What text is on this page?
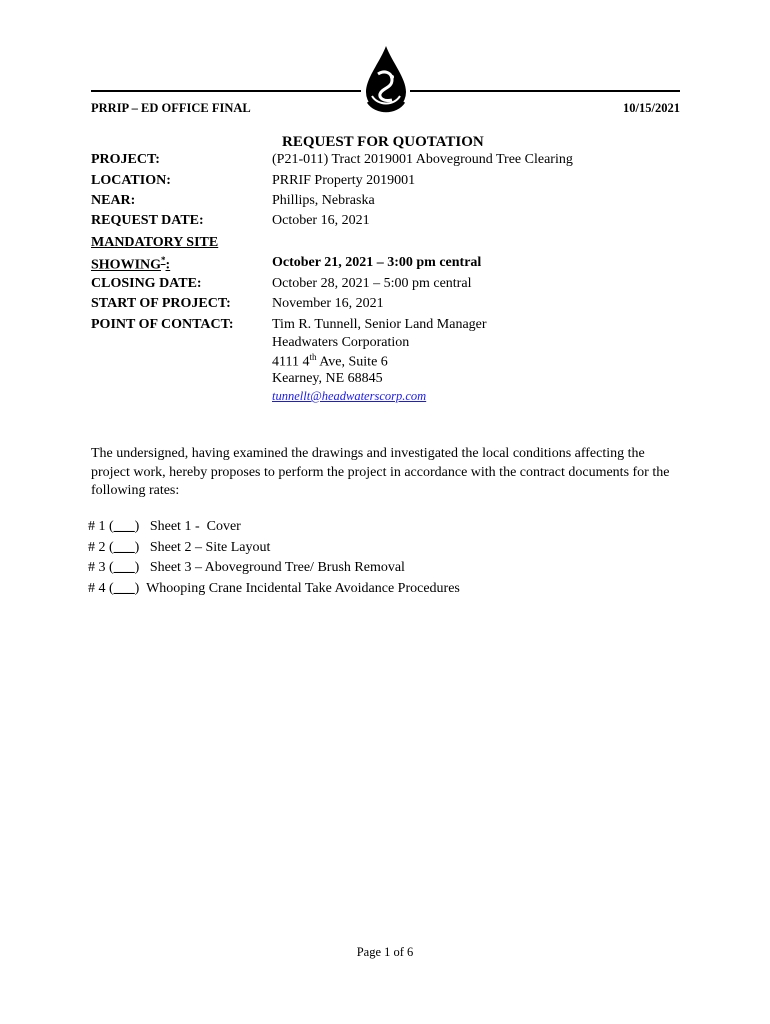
PRRIP – ED OFFICE FINAL	10/15/2021
REQUEST FOR QUOTATION
PROJECT:	(P21-011) Tract 2019001 Aboveground Tree Clearing
LOCATION:	PRRIF Property 2019001
NEAR:	Phillips, Nebraska
REQUEST DATE:	October 16, 2021
MANDATORY SITE
SHOWING*:	October 21, 2021 – 3:00 pm central
CLOSING DATE:	October 28, 2021 – 5:00 pm central
START OF PROJECT:	November 16, 2021
POINT OF CONTACT:	Tim R. Tunnell, Senior Land Manager
Headwaters Corporation
4111 4th Ave, Suite 6
Kearney, NE 68845
tunnellt@headwaterscorp.com
The undersigned, having examined the drawings and investigated the local conditions affecting the project work, hereby proposes to perform the project in accordance with the contract documents for the following rates:
# 1 (___)   Sheet 1 -  Cover
# 2 (___)   Sheet 2 – Site Layout
# 3 (___)   Sheet 3 – Aboveground Tree/ Brush Removal
# 4 (___)  Whooping Crane Incidental Take Avoidance Procedures
Page 1 of 6
